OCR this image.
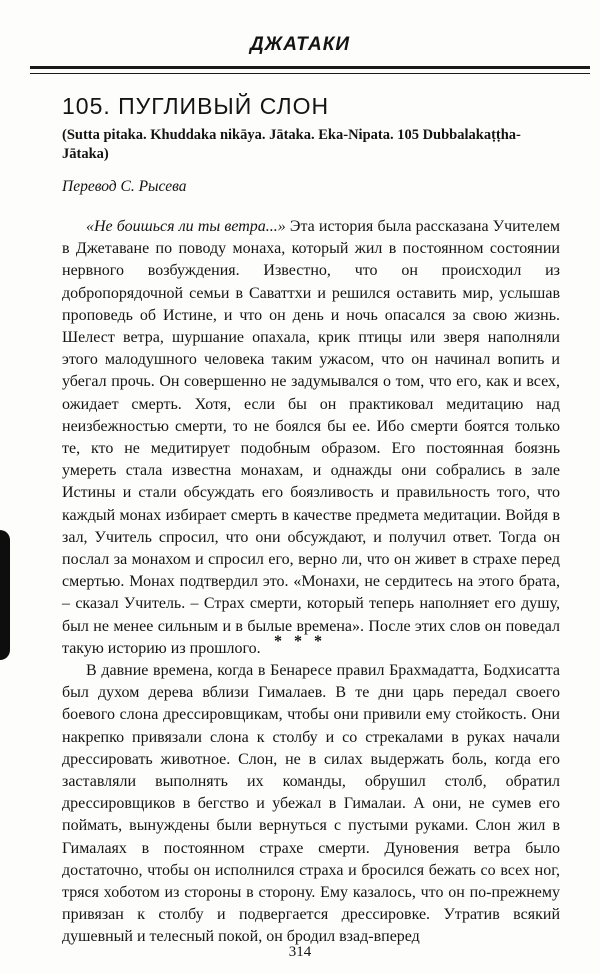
ДЖАТАКИ
105. ПУГЛИВЫЙ СЛОН
(Sutta pitaka. Khuddaka nikāya. Jātaka. Eka-Nipata. 105 Dubbalakaṭṭha-Jātaka)
Перевод С. Рысева

«Не боишься ли ты ветра...» Эта история была рассказана Учителем в Джетаване по поводу монаха, который жил в постоянном состоянии нервного возбуждения. Известно, что он происходил из добропорядочной семьи в Саваттхи и решился оставить мир, услышав проповедь об Истине, и что он день и ночь опасался за свою жизнь. Шелест ветра, шуршание опахала, крик птицы или зверя наполняли этого малодушного человека таким ужасом, что он начинал вопить и убегал прочь. Он совершенно не задумывался о том, что его, как и всех, ожидает смерть. Хотя, если бы он практиковал медитацию над неизбежностью смерти, то не боялся бы ее. Ибо смерти боятся только те, кто не медитирует подобным образом. Его постоянная боязнь умереть стала известна монахам, и однажды они собрались в зале Истины и стали обсуждать его боязливость и правильность того, что каждый монах избирает смерть в качестве предмета медитации. Войдя в зал, Учитель спросил, что они обсуждают, и получил ответ. Тогда он послал за монахом и спросил его, верно ли, что он живет в страхе перед смертью. Монах подтвердил это. «Монахи, не сердитесь на этого брата, – сказал Учитель. – Страх смерти, который теперь наполняет его душу, был не менее сильным и в былые времена». После этих слов он поведал такую историю из прошлого. * * *

В давние времена, когда в Бенаресе правил Брахмадатта, Бодхисатта был духом дерева вблизи Гималаев. В те дни царь передал своего боевого слона дрессировщикам, чтобы они привили ему стойкость. Они накрепко привязали слона к столбу и со стрекалами в руках начали дрессировать животное. Слон, не в силах выдержать боль, когда его заставляли выполнять их команды, обрушил столб, обратил дрессировщиков в бегство и убежал в Гималаи. А они, не сумев его поймать, вынуждены были вернуться с пустыми руками. Слон жил в Гималаях в постоянном страхе смерти. Дуновения ветра было достаточно, чтобы он исполнился страха и бросился бежать со всех ног, тряся хоботом из стороны в сторону. Ему казалось, что он по-прежнему привязан к столбу и подвергается дрессировке. Утратив всякий душевный и телесный покой, он бродил взад-вперед

314
